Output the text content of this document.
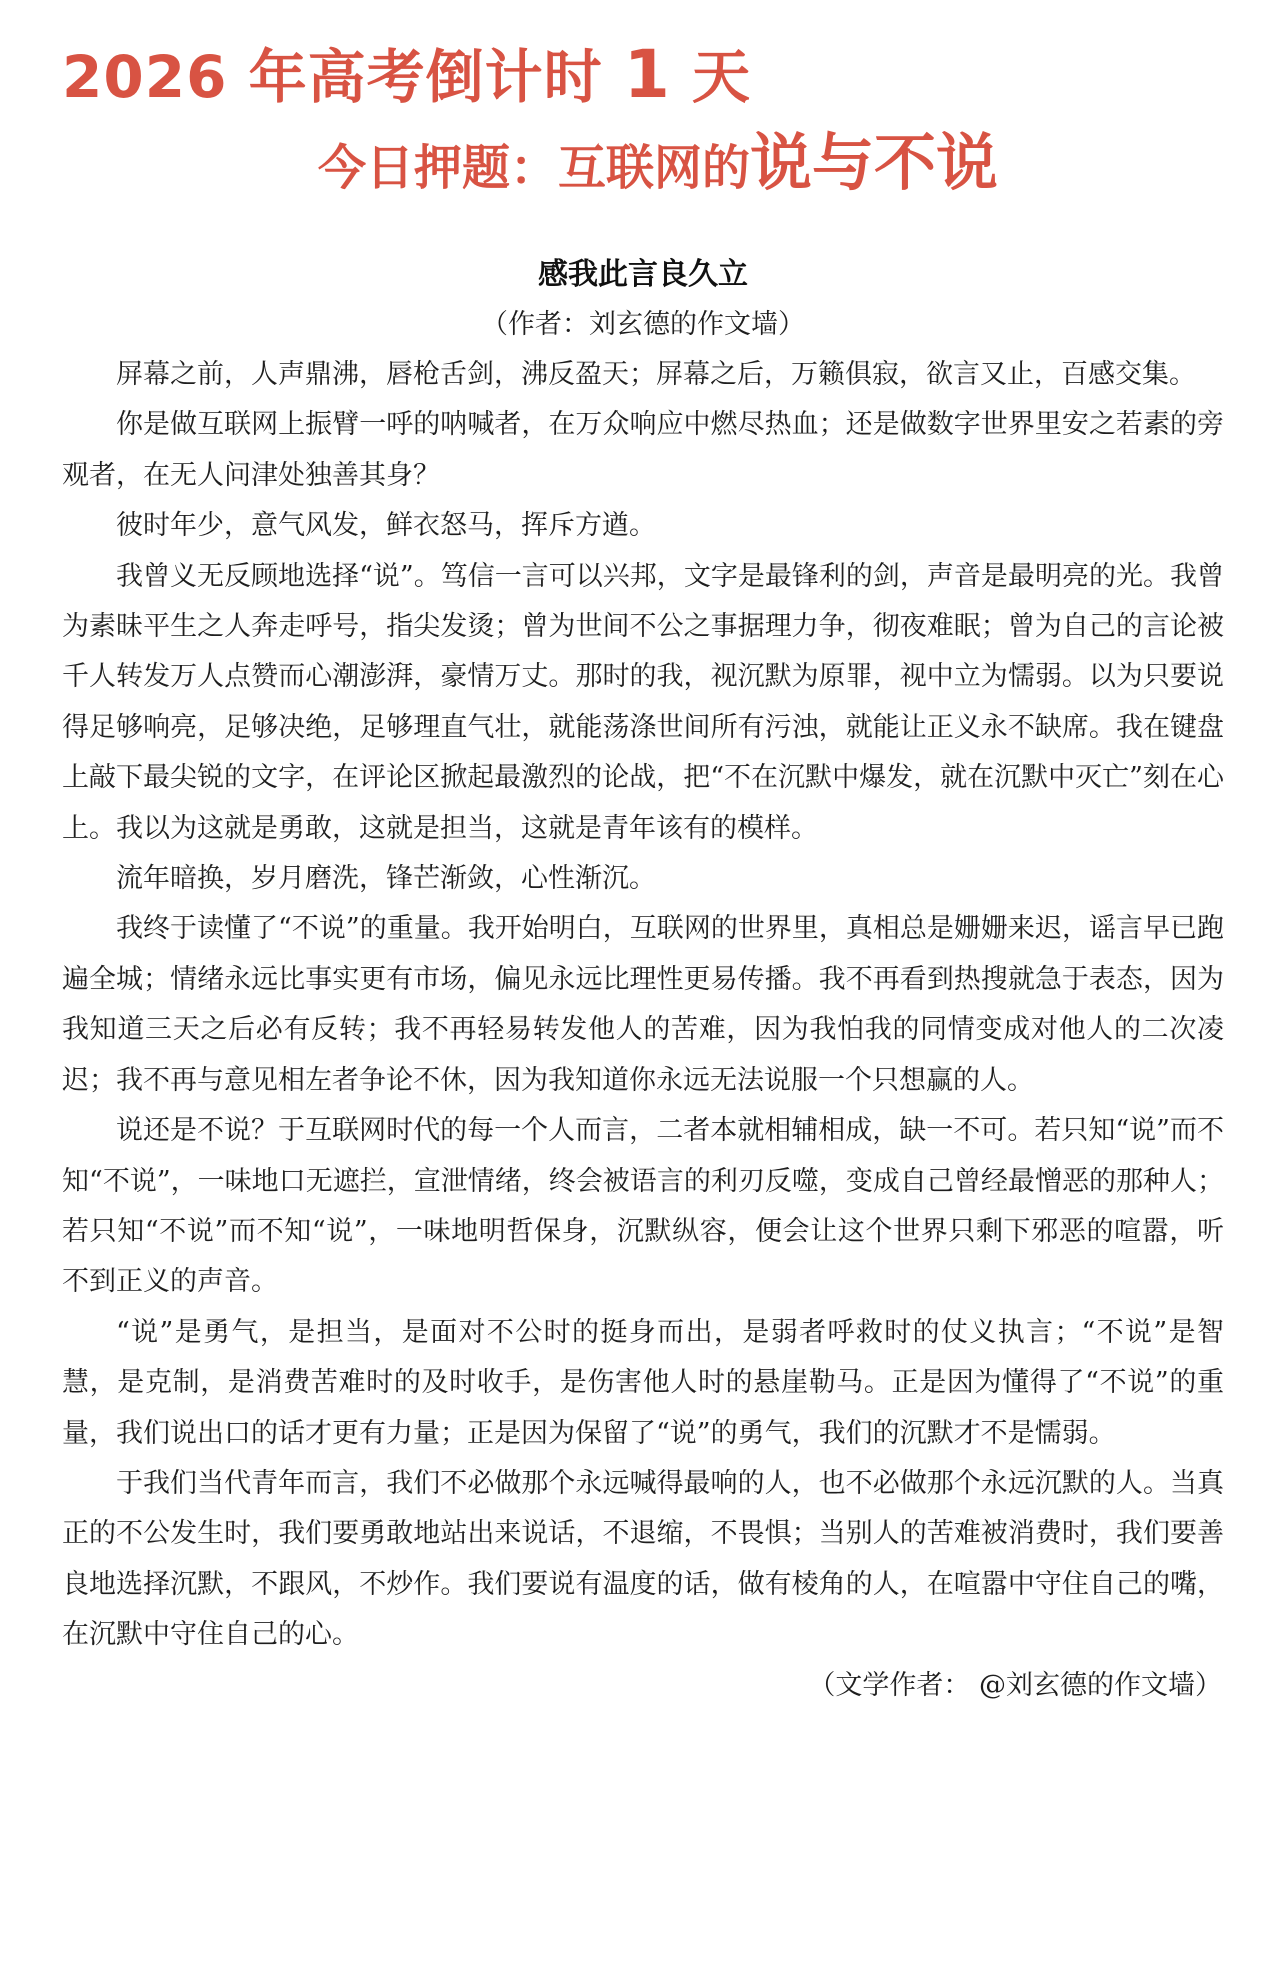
2026 年高考倒计时 1 天
今日押题：互联网的说与不说

感我此言良久立

（作者：刘玄德的作文墙）

屏幕之前，人声鼎沸，唇枪舌剑，沸反盈天；屏幕之后，万籁俱寂，欲言又止，百感交集。

你是做互联网上振臂一呼的呐喊者，在万众响应中燃尽热血；还是做数字世界里安之若素的旁观者，在无人问津处独善其身？

彼时年少，意气风发，鲜衣怒马，挥斥方遒。

我曾义无反顾地选择“说”。笃信一言可以兴邦，文字是最锋利的剑，声音是最明亮的光。我曾为素昧平生之人奔走呼号，指尖发烫；曾为世间不公之事据理力争，彻夜难眠；曾为自己的言论被千人转发万人点赞而心潮澎湃，豪情万丈。那时的我，视沉默为原罪，视中立为懦弱。以为只要说得足够响亮，足够决绝，足够理直气壮，就能荡涤世间所有污浊，就能让正义永不缺席。我在键盘上敲下最尖锐的文字，在评论区掀起最激烈的论战，把“不在沉默中爆发，就在沉默中灭亡”刻在心上。我以为这就是勇敢，这就是担当，这就是青年该有的模样。

流年暗换，岁月磨洗，锋芒渐敛，心性渐沉。

我终于读懂了“不说”的重量。我开始明白，互联网的世界里，真相总是姗姗来迟，谣言早已跑遍全城；情绪永远比事实更有市场，偏见永远比理性更易传播。我不再看到热搜就急于表态，因为我知道三天之后必有反转；我不再轻易转发他人的苦难，因为我怕我的同情变成对他人的二次凌迟；我不再与意见相左者争论不休，因为我知道你永远无法说服一个只想赢的人。

说还是不说？于互联网时代的每一个人而言，二者本就相辅相成，缺一不可。若只知“说”而不知“不说”，一味地口无遮拦，宣泄情绪，终会被语言的利刃反噬，变成自己曾经最憎恶的那种人；若只知“不说”而不知“说”，一味地明哲保身，沉默纵容，便会让这个世界只剩下邪恶的喧嚣，听不到正义的声音。

“说”是勇气，是担当，是面对不公时的挺身而出，是弱者呼救时的仗义执言；“不说”是智慧，是克制，是消费苦难时的及时收手，是伤害他人时的悬崖勒马。正是因为懂得了“不说”的重量，我们说出口的话才更有力量；正是因为保留了“说”的勇气，我们的沉默才不是懦弱。

于我们当代青年而言，我们不必做那个永远喊得最响的人，也不必做那个永远沉默的人。当真正的不公发生时，我们要勇敢地站出来说话，不退缩，不畏惧；当别人的苦难被消费时，我们要善良地选择沉默，不跟风，不炒作。我们要说有温度的话，做有棱角的人，在喧嚣中守住自己的嘴，在沉默中守住自己的心。

（文学作者： @刘玄德的作文墙）
